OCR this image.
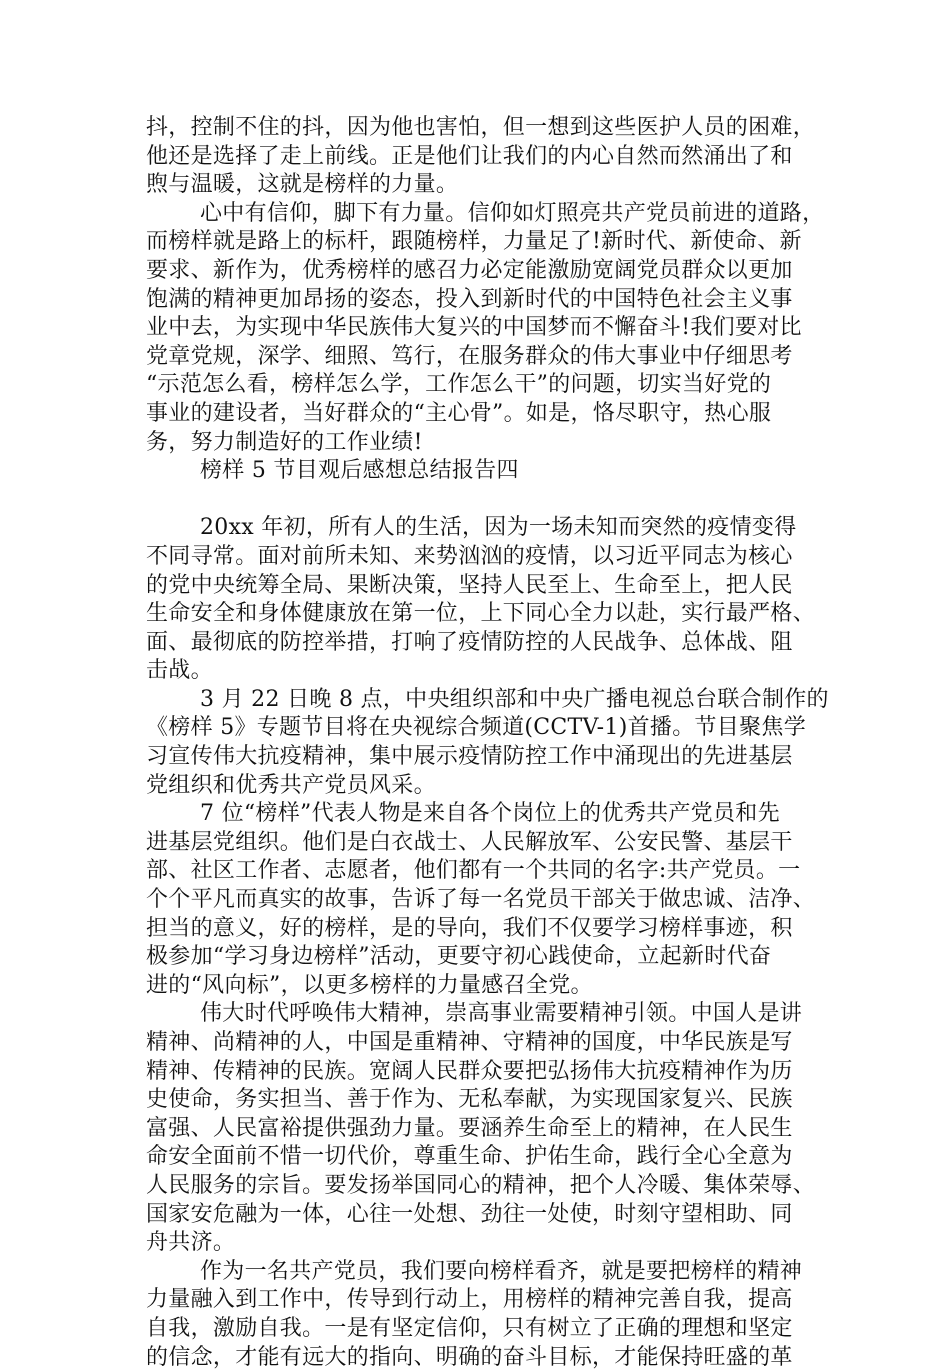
抖，控制不住的抖，因为他也害怕，但一想到这些医护人员的困难，
他还是选择了走上前线。正是他们让我们的内心自然而然涌出了和
煦与温暖，这就是榜样的力量。
心中有信仰，脚下有力量。信仰如灯照亮共产党员前进的道路，
而榜样就是路上的标杆，跟随榜样，力量足了!新时代、新使命、新
要求、新作为，优秀榜样的感召力必定能激励宽阔党员群众以更加
饱满的精神更加昂扬的姿态，投入到新时代的中国特色社会主义事
业中去，为实现中华民族伟大复兴的中国梦而不懈奋斗!我们要对比
党章党规，深学、细照、笃行，在服务群众的伟大事业中仔细思考
“示范怎么看，榜样怎么学，工作怎么干”的问题，切实当好党的
事业的建设者，当好群众的“主心骨”。如是，恪尽职守，热心服
务，努力制造好的工作业绩!
榜样 5 节目观后感想总结报告四
20xx 年初，所有人的生活，因为一场未知而突然的疫情变得
不同寻常。面对前所未知、来势汹汹的疫情，以习近平同志为核心
的党中央统筹全局、果断决策，坚持人民至上、生命至上，把人民
生命安全和身体健康放在第一位，上下同心全力以赴，实行最严格、
面、最彻底的防控举措，打响了疫情防控的人民战争、总体战、阻
击战。
3 月 22 日晚 8 点，中央组织部和中央广播电视总台联合制作的
《榜样 5》专题节目将在央视综合频道(CCTV-1)首播。节目聚焦学
习宣传伟大抗疫精神，集中展示疫情防控工作中涌现出的先进基层
党组织和优秀共产党员风采。
7 位“榜样”代表人物是来自各个岗位上的优秀共产党员和先
进基层党组织。他们是白衣战士、人民解放军、公安民警、基层干
部、社区工作者、志愿者，他们都有一个共同的名字:共产党员。一
个个平凡而真实的故事，告诉了每一名党员干部关于做忠诚、洁净、
担当的意义，好的榜样，是的导向，我们不仅要学习榜样事迹，积
极参加“学习身边榜样”活动，更要守初心践使命，立起新时代奋
进的“风向标”，以更多榜样的力量感召全党。
伟大时代呼唤伟大精神，崇高事业需要精神引领。中国人是讲
精神、尚精神的人，中国是重精神、守精神的国度，中华民族是写
精神、传精神的民族。宽阔人民群众要把弘扬伟大抗疫精神作为历
史使命，务实担当、善于作为、无私奉献，为实现国家复兴、民族
富强、人民富裕提供强劲力量。要涵养生命至上的精神，在人民生
命安全面前不惜一切代价，尊重生命、护佑生命，践行全心全意为
人民服务的宗旨。要发扬举国同心的精神，把个人冷暖、集体荣辱、
国家安危融为一体，心往一处想、劲往一处使，时刻守望相助、同
舟共济。
作为一名共产党员，我们要向榜样看齐，就是要把榜样的精神
力量融入到工作中，传导到行动上，用榜样的精神完善自我，提高
自我，激励自我。一是有坚定信仰，只有树立了正确的理想和坚定
的信念，才能有远大的指向、明确的奋斗目标，才能保持旺盛的革
